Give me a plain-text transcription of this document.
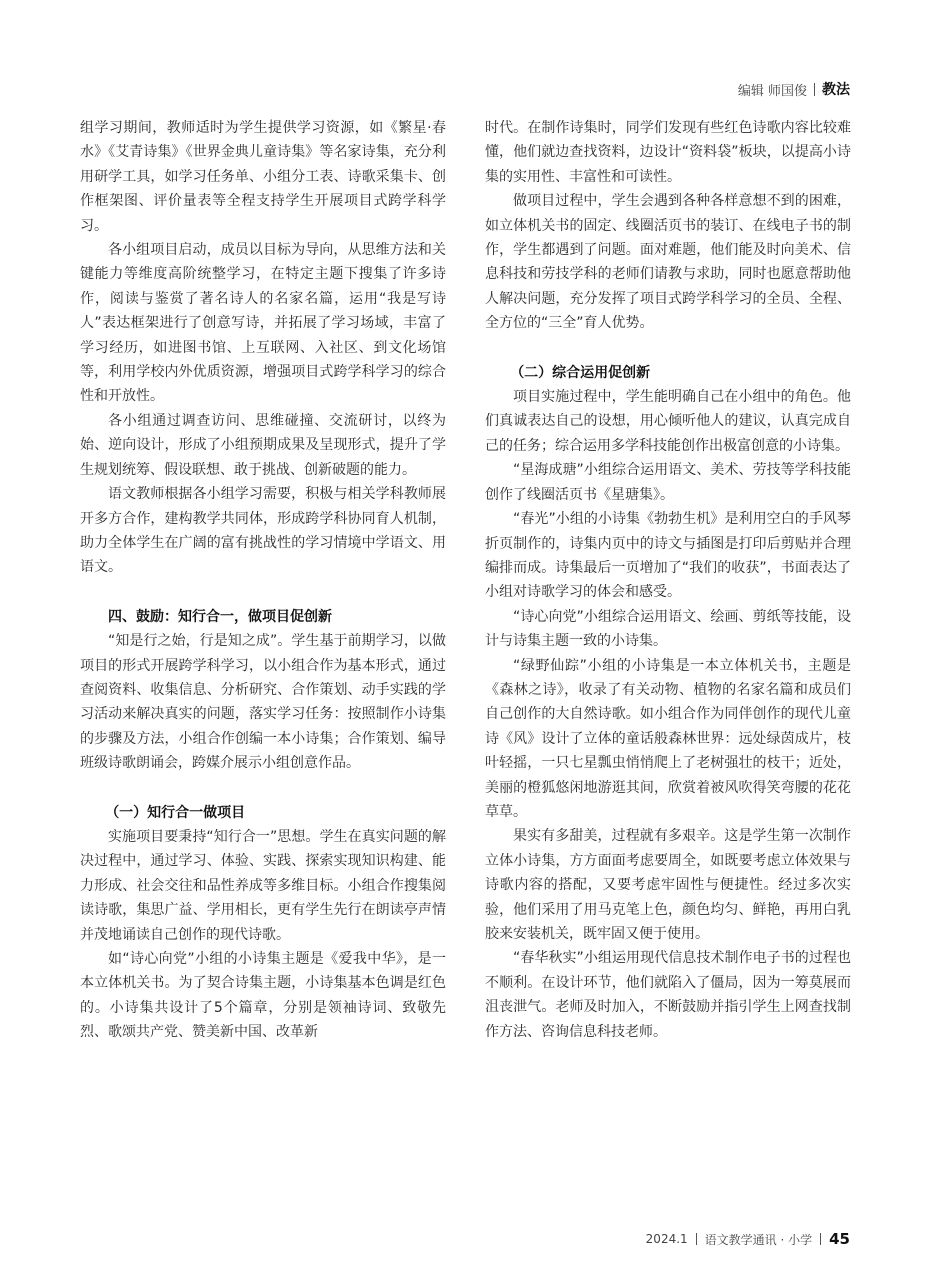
编辑 师国俊 教法

组学习期间，教师适时为学生提供学习资源，如《繁星·春水》《艾青诗集》《世界金典儿童诗集》等名家诗集，充分利用研学工具，如学习任务单、小组分工表、诗歌采集卡、创作框架图、评价量表等全程支持学生开展项目式跨学科学习。

各小组项目启动，成员以目标为导向，从思维方法和关键能力等维度高阶统整学习，在特定主题下搜集了许多诗作，阅读与鉴赏了著名诗人的名家名篇，运用“我是写诗人”表达框架进行了创意写诗，并拓展了学习场域，丰富了学习经历，如进图书馆、上互联网、入社区、到文化场馆等，利用学校内外优质资源，增强项目式跨学科学习的综合性和开放性。

各小组通过调查访问、思维碰撞、交流研讨，以终为始、逆向设计，形成了小组预期成果及呈现形式，提升了学生规划统筹、假设联想、敢于挑战、创新破题的能力。

语文教师根据各小组学习需要，积极与相关学科教师展开多方合作，建构教学共同体，形成跨学科协同育人机制，助力全体学生在广阔的富有挑战性的学习情境中学语文、用语文。

四、鼓励：知行合一，做项目促创新

“知是行之始，行是知之成”。学生基于前期学习，以做项目的形式开展跨学科学习，以小组合作为基本形式，通过查阅资料、收集信息、分析研究、合作策划、动手实践的学习活动来解决真实的问题，落实学习任务：按照制作小诗集的步骤及方法，小组合作创编一本小诗集；合作策划、编导班级诗歌朗诵会，跨媒介展示小组创意作品。

（一）知行合一做项目

实施项目要秉持“知行合一”思想。学生在真实问题的解决过程中，通过学习、体验、实践、探索实现知识构建、能力形成、社会交往和品性养成等多维目标。小组合作搜集阅读诗歌，集思广益、学用相长，更有学生先行在朗读亭声情并茂地诵读自己创作的现代诗歌。

如“诗心向党”小组的小诗集主题是《爱我中华》，是一本立体机关书。为了契合诗集主题，小诗集基本色调是红色的。小诗集共设计了5个篇章，分别是领袖诗词、致敬先烈、歌颂共产党、赞美新中国、改革新

时代。在制作诗集时，同学们发现有些红色诗歌内容比较难懂，他们就边查找资料，边设计“资料袋”板块，以提高小诗集的实用性、丰富性和可读性。

做项目过程中，学生会遇到各种各样意想不到的困难，如立体机关书的固定、线圈活页书的装订、在线电子书的制作，学生都遇到了问题。面对难题，他们能及时向美术、信息科技和劳技学科的老师们请教与求助，同时也愿意帮助他人解决问题，充分发挥了项目式跨学科学习的全员、全程、全方位的“三全”育人优势。

（二）综合运用促创新

项目实施过程中，学生能明确自己在小组中的角色。他们真诚表达自己的设想，用心倾听他人的建议，认真完成自己的任务；综合运用多学科技能创作出极富创意的小诗集。

“星海成瑭”小组综合运用语文、美术、劳技等学科技能创作了线圈活页书《星瑭集》。

“春光”小组的小诗集《勃勃生机》是利用空白的手风琴折页制作的，诗集内页中的诗文与插图是打印后剪贴并合理编排而成。诗集最后一页增加了“我们的收获”，书面表达了小组对诗歌学习的体会和感受。

“诗心向党”小组综合运用语文、绘画、剪纸等技能，设计与诗集主题一致的小诗集。

“绿野仙踪”小组的小诗集是一本立体机关书，主题是《森林之诗》，收录了有关动物、植物的名家名篇和成员们自己创作的大自然诗歌。如小组合作为同伴创作的现代儿童诗《风》设计了立体的童话般森林世界：远处绿茵成片，枝叶轻摇，一只七星瓢虫悄悄爬上了老树强壮的枝干；近处，美丽的橙狐悠闲地游逛其间，欣赏着被风吹得笑弯腰的花花草草。

果实有多甜美，过程就有多艰辛。这是学生第一次制作立体小诗集，方方面面考虑要周全，如既要考虑立体效果与诗歌内容的搭配，又要考虑牢固性与便捷性。经过多次实验，他们采用了用马克笔上色，颜色均匀、鲜艳，再用白乳胶来安装机关，既牢固又便于使用。

“春华秋实”小组运用现代信息技术制作电子书的过程也不顺利。在设计环节，他们就陷入了僵局，因为一筹莫展而沮丧泄气。老师及时加入，不断鼓励并指引学生上网查找制作方法、咨询信息科技老师。

2024.1 语文教学通讯 · 小学 45
